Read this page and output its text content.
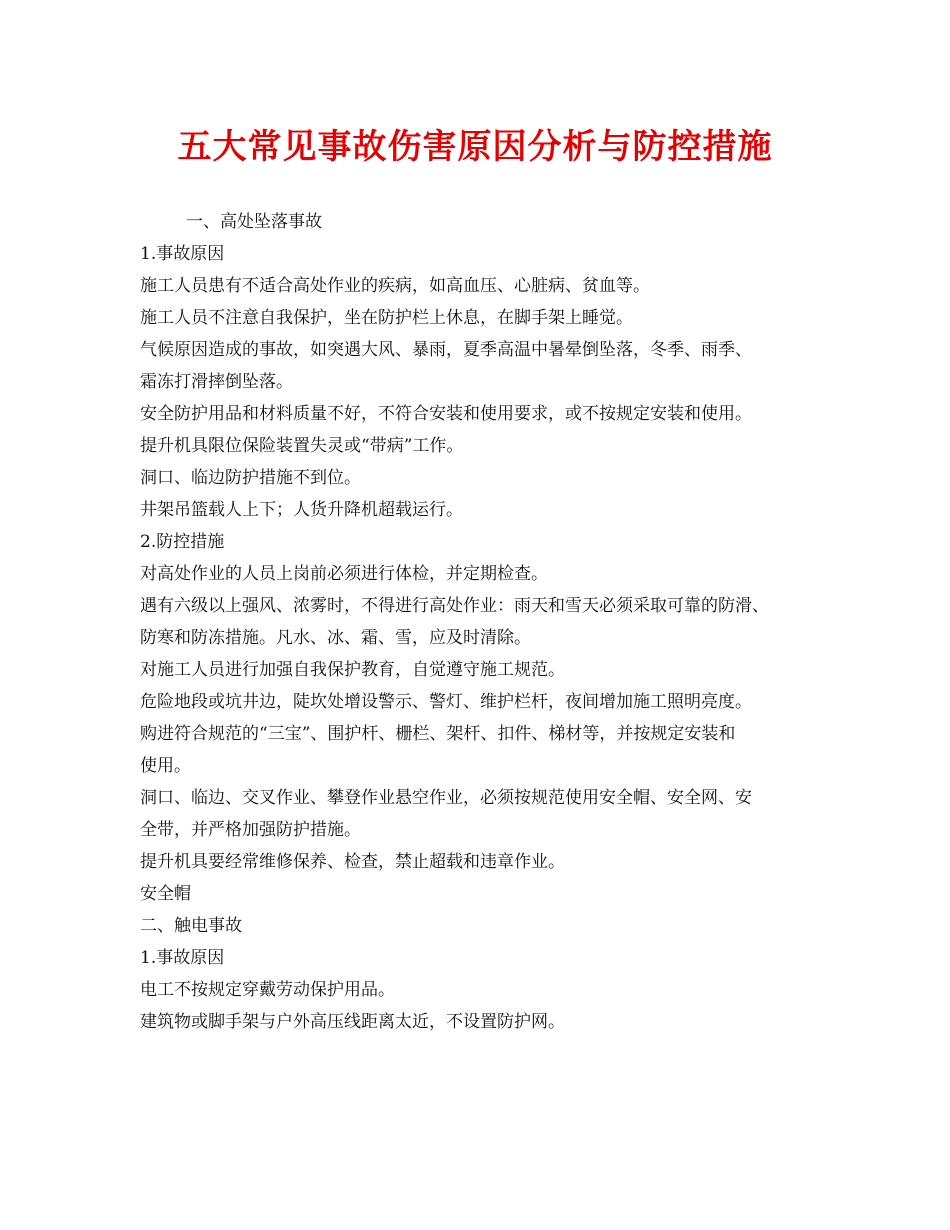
五大常见事故伤害原因分析与防控措施
一、高处坠落事故
1.事故原因
施工人员患有不适合高处作业的疾病，如高血压、心脏病、贫血等。
施工人员不注意自我保护，坐在防护栏上休息，在脚手架上睡觉。
气候原因造成的事故，如突遇大风、暴雨，夏季高温中暑晕倒坠落，冬季、雨季、
霜冻打滑摔倒坠落。
安全防护用品和材料质量不好，不符合安装和使用要求，或不按规定安装和使用。
提升机具限位保险装置失灵或“带病”工作。
洞口、临边防护措施不到位。
井架吊篮载人上下；人货升降机超载运行。
2.防控措施
对高处作业的人员上岗前必须进行体检，并定期检查。
遇有六级以上强风、浓雾时，不得进行高处作业：雨天和雪天必须采取可靠的防滑、
防寒和防冻措施。凡水、冰、霜、雪，应及时清除。
对施工人员进行加强自我保护教育，自觉遵守施工规范。
危险地段或坑井边，陡坎处增设警示、警灯、维护栏杆，夜间增加施工照明亮度。
购进符合规范的“三宝”、围护杆、栅栏、架杆、扣件、梯材等，并按规定安装和
使用。
洞口、临边、交叉作业、攀登作业悬空作业，必须按规范使用安全帽、安全网、安
全带，并严格加强防护措施。
提升机具要经常维修保养、检查，禁止超载和违章作业。
安全帽
二、触电事故
1.事故原因
电工不按规定穿戴劳动保护用品。
建筑物或脚手架与户外高压线距离太近，不设置防护网。
